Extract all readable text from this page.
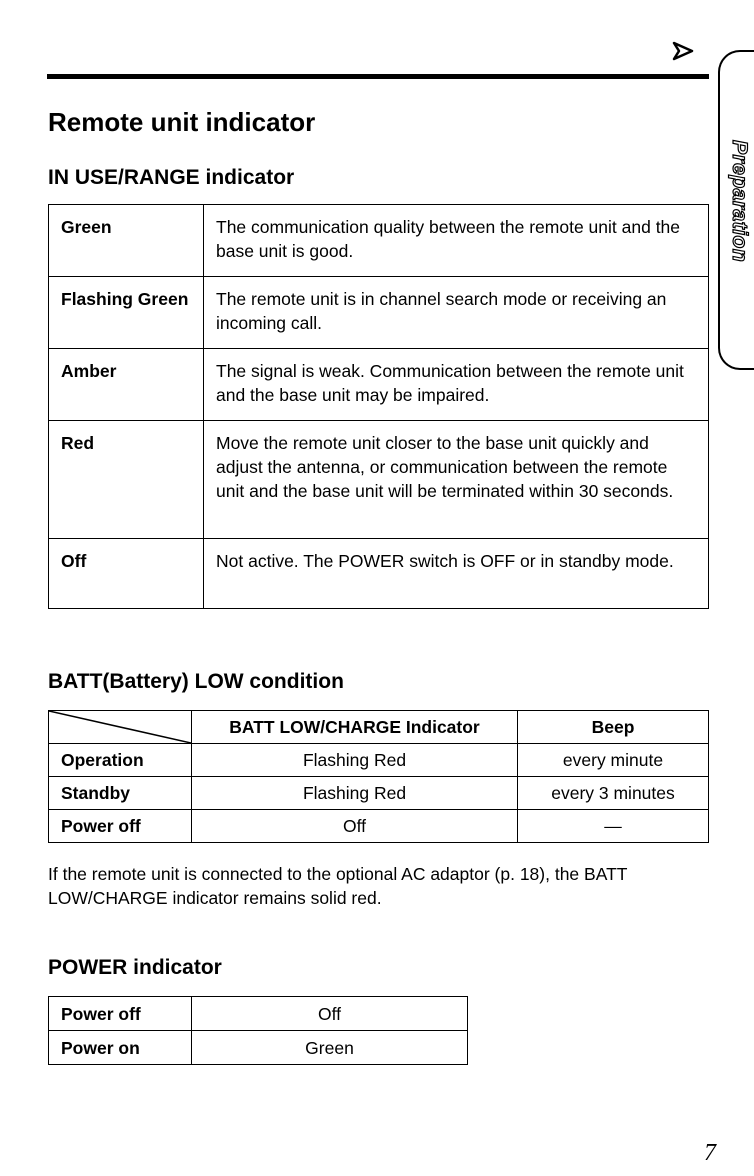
Preparation
Remote unit indicator
IN USE/RANGE indicator
Green	The communication quality between the remote unit and the base unit is good.
Flashing Green	The remote unit is in channel search mode or receiving an incoming call.
Amber	The signal is weak. Communication between the remote unit and the base unit may be impaired.
Red	Move the remote unit closer to the base unit quickly and adjust the antenna, or communication between the remote unit and the base unit will be terminated within 30 seconds.
Off	Not active. The POWER switch is OFF or in standby mode.
BATT(Battery) LOW condition
	BATT LOW/CHARGE Indicator	Beep
Operation	Flashing Red	every minute
Standby	Flashing Red	every 3 minutes
Power off	Off	—
If the remote unit is connected to the optional AC adaptor (p. 18), the BATT LOW/CHARGE indicator remains solid red.
POWER indicator
Power off	Off
Power on	Green
7
